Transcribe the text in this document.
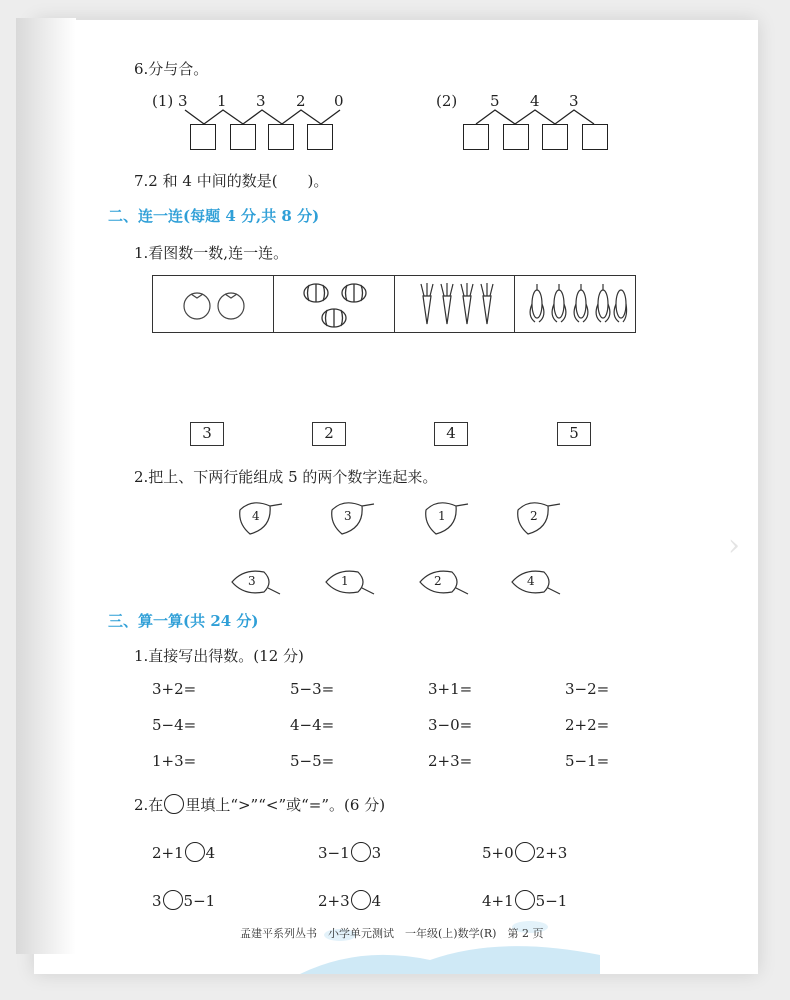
6.分与合。
(1) 3 1 3 2 0	(2) 5 4 3
7.2 和 4 中间的数是(　　)。
二、连一连(每题 4 分,共 8 分)
1.看图数一数,连一连。
3	2	4	5
2.把上、下两行能组成 5 的两个数字连起来。
4	3	1	2
3	1	2	4
三、算一算(共 24 分)
1.直接写出得数。(12 分)
3+2=	5−3=	3+1=	3−2=
5−4=	4−4=	3−0=	2+2=
1+3=	5−5=	2+3=	5−1=
2.在 里填上“>”“<”或“=”。(6 分)
2+1 4	3−1 3	5+0 2+3
3 5−1	2+3 4	4+1 5−1
孟建平系列丛书　小学单元测试　一年级(上)数学(R)　第 2 页
›
